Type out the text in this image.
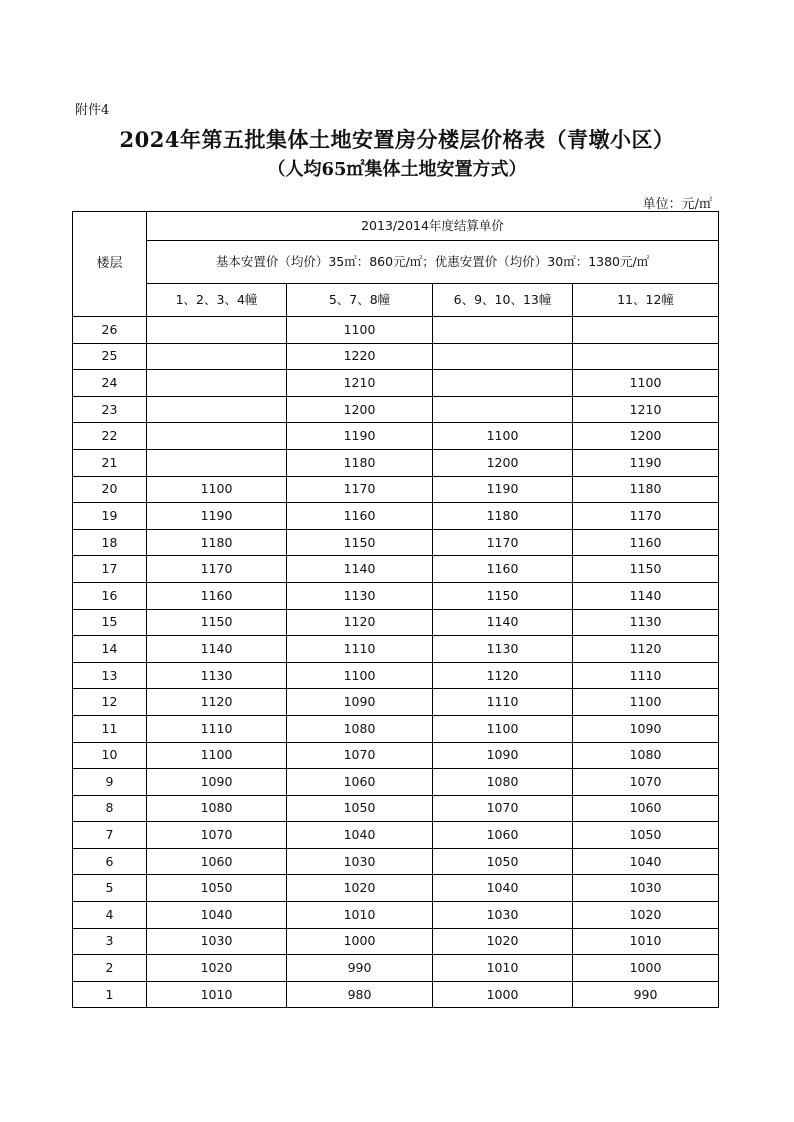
附件4
2024年第五批集体土地安置房分楼层价格表（青墩小区）
（人均65㎡集体土地安置方式）
单位：元/㎡
楼层	2013/2014年度结算单价			
	基本安置价（均价）35㎡：860元/㎡；优惠安置价（均价）30㎡：1380元/㎡			
	1、2、3、4幢	5、7、8幢	6、9、10、13幢	11、12幢
26		1100		
25		1220		
24		1210		1100
23		1200		1210
22		1190	1100	1200
21		1180	1200	1190
20	1100	1170	1190	1180
19	1190	1160	1180	1170
18	1180	1150	1170	1160
17	1170	1140	1160	1150
16	1160	1130	1150	1140
15	1150	1120	1140	1130
14	1140	1110	1130	1120
13	1130	1100	1120	1110
12	1120	1090	1110	1100
11	1110	1080	1100	1090
10	1100	1070	1090	1080
9	1090	1060	1080	1070
8	1080	1050	1070	1060
7	1070	1040	1060	1050
6	1060	1030	1050	1040
5	1050	1020	1040	1030
4	1040	1010	1030	1020
3	1030	1000	1020	1010
2	1020	990	1010	1000
1	1010	980	1000	990
